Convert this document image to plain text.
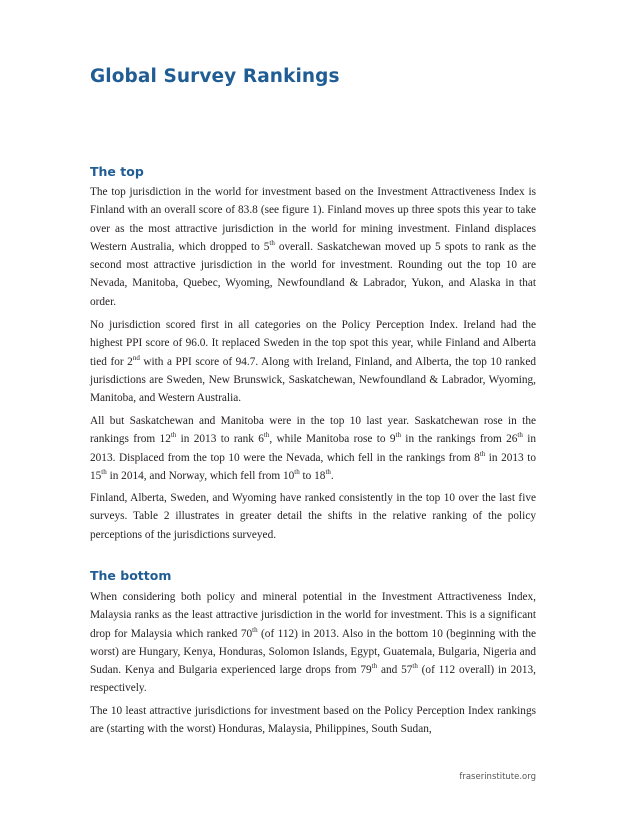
Global Survey Rankings
The top

The top jurisdiction in the world for investment based on the Investment Attractiveness Index is Finland with an overall score of 83.8 (see figure 1). Finland moves up three spots this year to take over as the most attractive jurisdiction in the world for mining investment. Finland displaces Western Australia, which dropped to 5th overall. Saskatchewan moved up 5 spots to rank as the second most attractive jurisdiction in the world for investment. Rounding out the top 10 are Nevada, Manitoba, Quebec, Wyoming, Newfoundland & Labrador, Yukon, and Alaska in that order.

No jurisdiction scored first in all categories on the Policy Perception Index. Ireland had the highest PPI score of 96.0. It replaced Sweden in the top spot this year, while Finland and Alberta tied for 2nd with a PPI score of 94.7. Along with Ireland, Finland, and Alberta, the top 10 ranked jurisdictions are Sweden, New Brunswick, Saskatchewan, Newfoundland & Labrador, Wyoming, Manitoba, and Western Australia.

All but Saskatchewan and Manitoba were in the top 10 last year. Saskatchewan rose in the rankings from 12th in 2013 to rank 6th, while Manitoba rose to 9th in the rankings from 26th in 2013. Displaced from the top 10 were the Nevada, which fell in the rankings from 8th in 2013 to 15th in 2014, and Norway, which fell from 10th to 18th.

Finland, Alberta, Sweden, and Wyoming have ranked consistently in the top 10 over the last five surveys. Table 2 illustrates in greater detail the shifts in the relative ranking of the policy perceptions of the jurisdictions surveyed.

The bottom

When considering both policy and mineral potential in the Investment Attractiveness Index, Malaysia ranks as the least attractive jurisdiction in the world for investment. This is a significant drop for Malaysia which ranked 70th (of 112) in 2013. Also in the bottom 10 (beginning with the worst) are Hungary, Kenya, Honduras, Solomon Islands, Egypt, Guatemala, Bulgaria, Nigeria and Sudan. Kenya and Bulgaria experienced large drops from 79th and 57th (of 112 overall) in 2013, respectively.

The 10 least attractive jurisdictions for investment based on the Policy Perception Index rankings are (starting with the worst) Honduras, Malaysia, Philippines, South Sudan,

fraserinstitute.org
